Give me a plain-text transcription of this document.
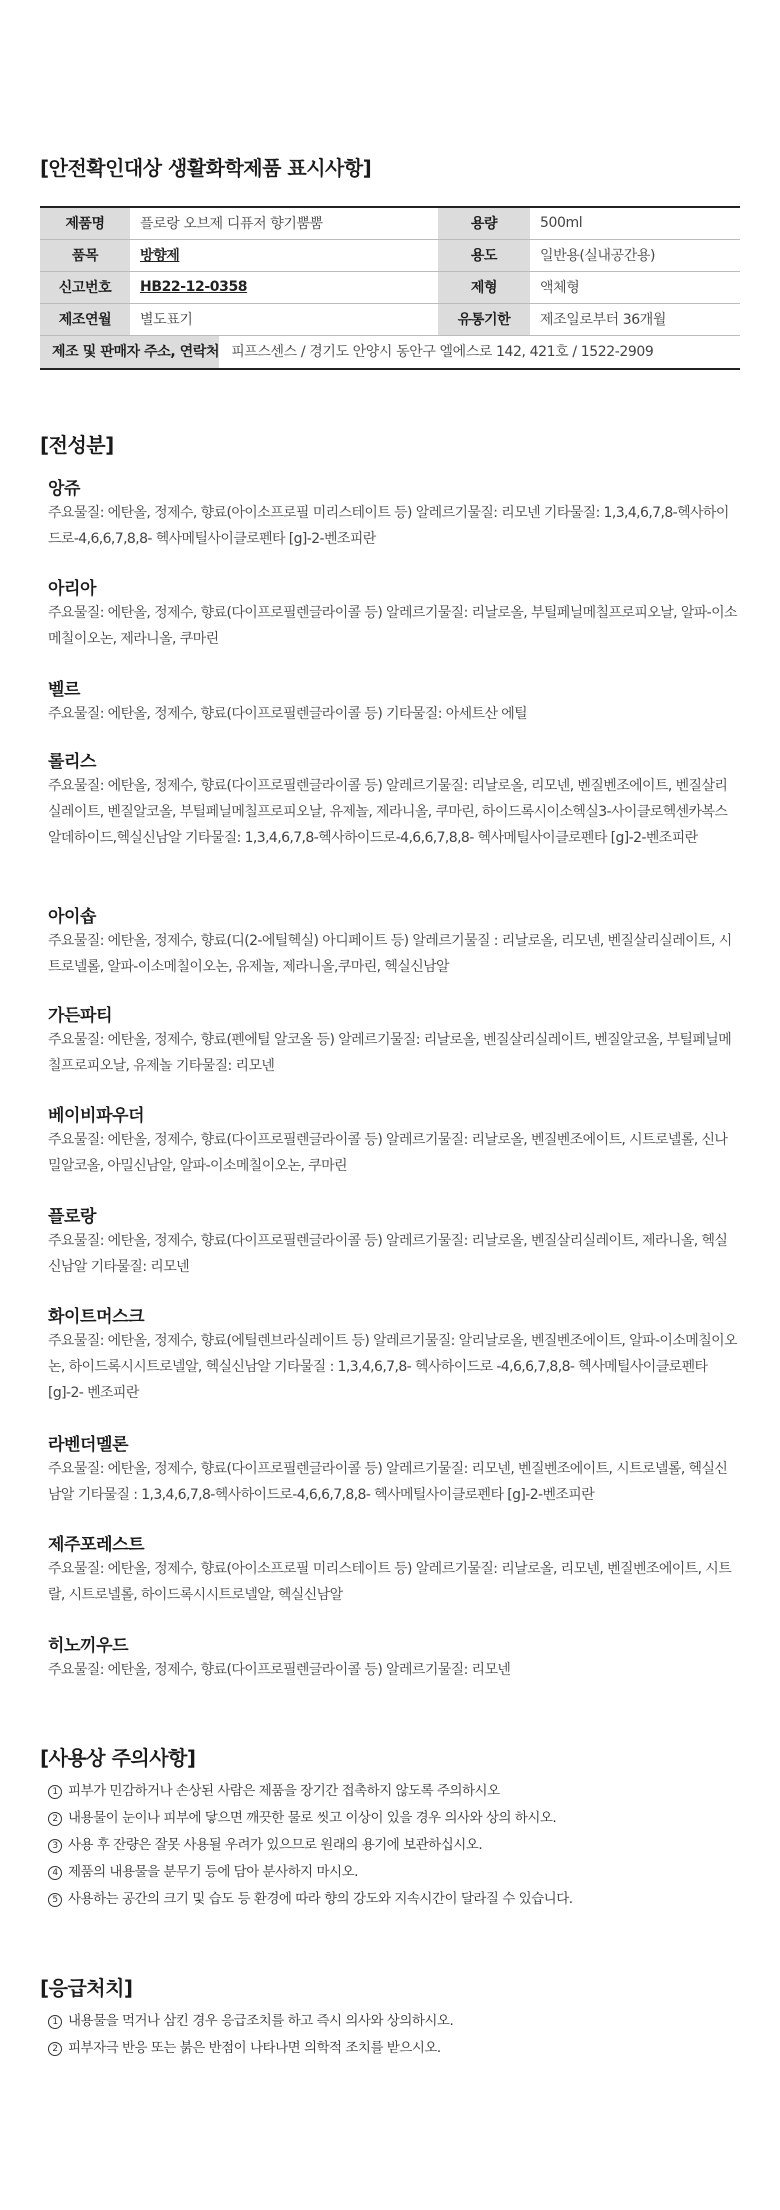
[안전확인대상 생활화학제품 표시사항]
제품명	플로랑 오브제 디퓨저 향기뿜뿜	용량	500ml
품목	방향제	용도	일반용(실내공간용)
신고번호	HB22-12-0358	제형	액체형
제조연월	별도표기	유통기한	제조일로부터 36개월

제조 및 판매자 주소, 연락처 피프스센스 / 경기도 안양시 동안구 엘에스로 142, 421호 / 1522-2909			

[전성분]
앙쥬
주요물질: 에탄올, 정제수, 향료(아이소프로필 미리스테이트 등) 알레르기물질: 리모넨 기타물질: 1,3,4,6,7,8-헥사하이드로-4,6,6,7,8,8- 헥사메틸사이클로펜타 [g]-2-벤조피란
아리아
주요물질: 에탄올, 정제수, 향료(다이프로필렌글라이콜 등) 알레르기물질: 리날로올, 부틸페닐메칠프로피오날, 알파-이소메칠이오논, 제라니올, 쿠마린
벨르
주요물질: 에탄올, 정제수, 향료(다이프로필렌글라이콜 등) 기타물질: 아세트산 에틸
롤리스
주요물질: 에탄올, 정제수, 향료(다이프로필렌글라이콜 등) 알레르기물질: 리날로올, 리모넨, 벤질벤조에이트, 벤질살리실레이트, 벤질알코올, 부틸페닐메칠프로피오날, 유제놀, 제라니올, 쿠마린, 하이드록시이소헥실3-사이클로헥센카복스알데하이드,헥실신남알 기타물질: 1,3,4,6,7,8-헥사하이드로-4,6,6,7,8,8- 헥사메틸사이클로펜타 [g]-2-벤조피란
아이솝
주요물질: 에탄올, 정제수, 향료(디(2-에틸헥실) 아디페이트 등) 알레르기물질 : 리날로올, 리모넨, 벤질살리실레이트, 시트로넬롤, 알파-이소메칠이오논, 유제놀, 제라니올,쿠마린, 헥실신남알
가든파티
주요물질: 에탄올, 정제수, 향료(펜에틸 알코올 등) 알레르기물질: 리날로올, 벤질살리실레이트, 벤질알코올, 부틸페닐메칠프로피오날, 유제놀 기타물질: 리모넨
베이비파우더
주요물질: 에탄올, 정제수, 향료(다이프로필렌글라이콜 등) 알레르기물질: 리날로올, 벤질벤조에이트, 시트로넬롤, 신나밀알코올, 아밀신남알, 알파-이소메칠이오논, 쿠마린
플로랑
주요물질: 에탄올, 정제수, 향료(다이프로필렌글라이콜 등) 알레르기물질: 리날로올, 벤질살리실레이트, 제라니올, 헥실신남알 기타물질: 리모넨
화이트머스크
주요물질: 에탄올, 정제수, 향료(에틸렌브라실레이트 등) 알레르기물질: 알리날로올, 벤질벤조에이트, 알파-이소메칠이오논, 하이드록시시트로넬알, 헥실신남알 기타물질 : 1,3,4,6,7,8- 헥사하이드로 -4,6,6,7,8,8- 헥사메틸사이클로펜타 [g]-2- 벤조피란
라벤더멜론
주요물질: 에탄올, 정제수, 향료(다이프로필렌글라이콜 등) 알레르기물질: 리모넨, 벤질벤조에이트, 시트로넬롤, 헥실신남알 기타물질 : 1,3,4,6,7,8-헥사하이드로-4,6,6,7,8,8- 헥사메틸사이클로펜타 [g]-2-벤조피란
제주포레스트
주요물질: 에탄올, 정제수, 향료(아이소프로필 미리스테이트 등) 알레르기물질: 리날로올, 리모넨, 벤질벤조에이트, 시트랄, 시트로넬롤, 하이드록시시트로넬알, 헥실신남알
히노끼우드
주요물질: 에탄올, 정제수, 향료(다이프로필렌글라이콜 등) 알레르기물질: 리모넨
[사용상 주의사항]
1 피부가 민감하거나 손상된 사람은 제품을 장기간 접촉하지 않도록 주의하시오
2 내용물이 눈이나 피부에 닿으면 깨끗한 물로 씻고 이상이 있을 경우 의사와 상의 하시오.
3 사용 후 잔량은 잘못 사용될 우려가 있으므로 원래의 용기에 보관하십시오.
4 제품의 내용물을 분무기 등에 담아 분사하지 마시오.
5 사용하는 공간의 크기 및 습도 등 환경에 따라 향의 강도와 지속시간이 달라질 수 있습니다.
[응급처치]
1 내용물을 먹거나 삼킨 경우 응급조치를 하고 즉시 의사와 상의하시오.
2 피부자극 반응 또는 붉은 반점이 나타나면 의학적 조치를 받으시오.
